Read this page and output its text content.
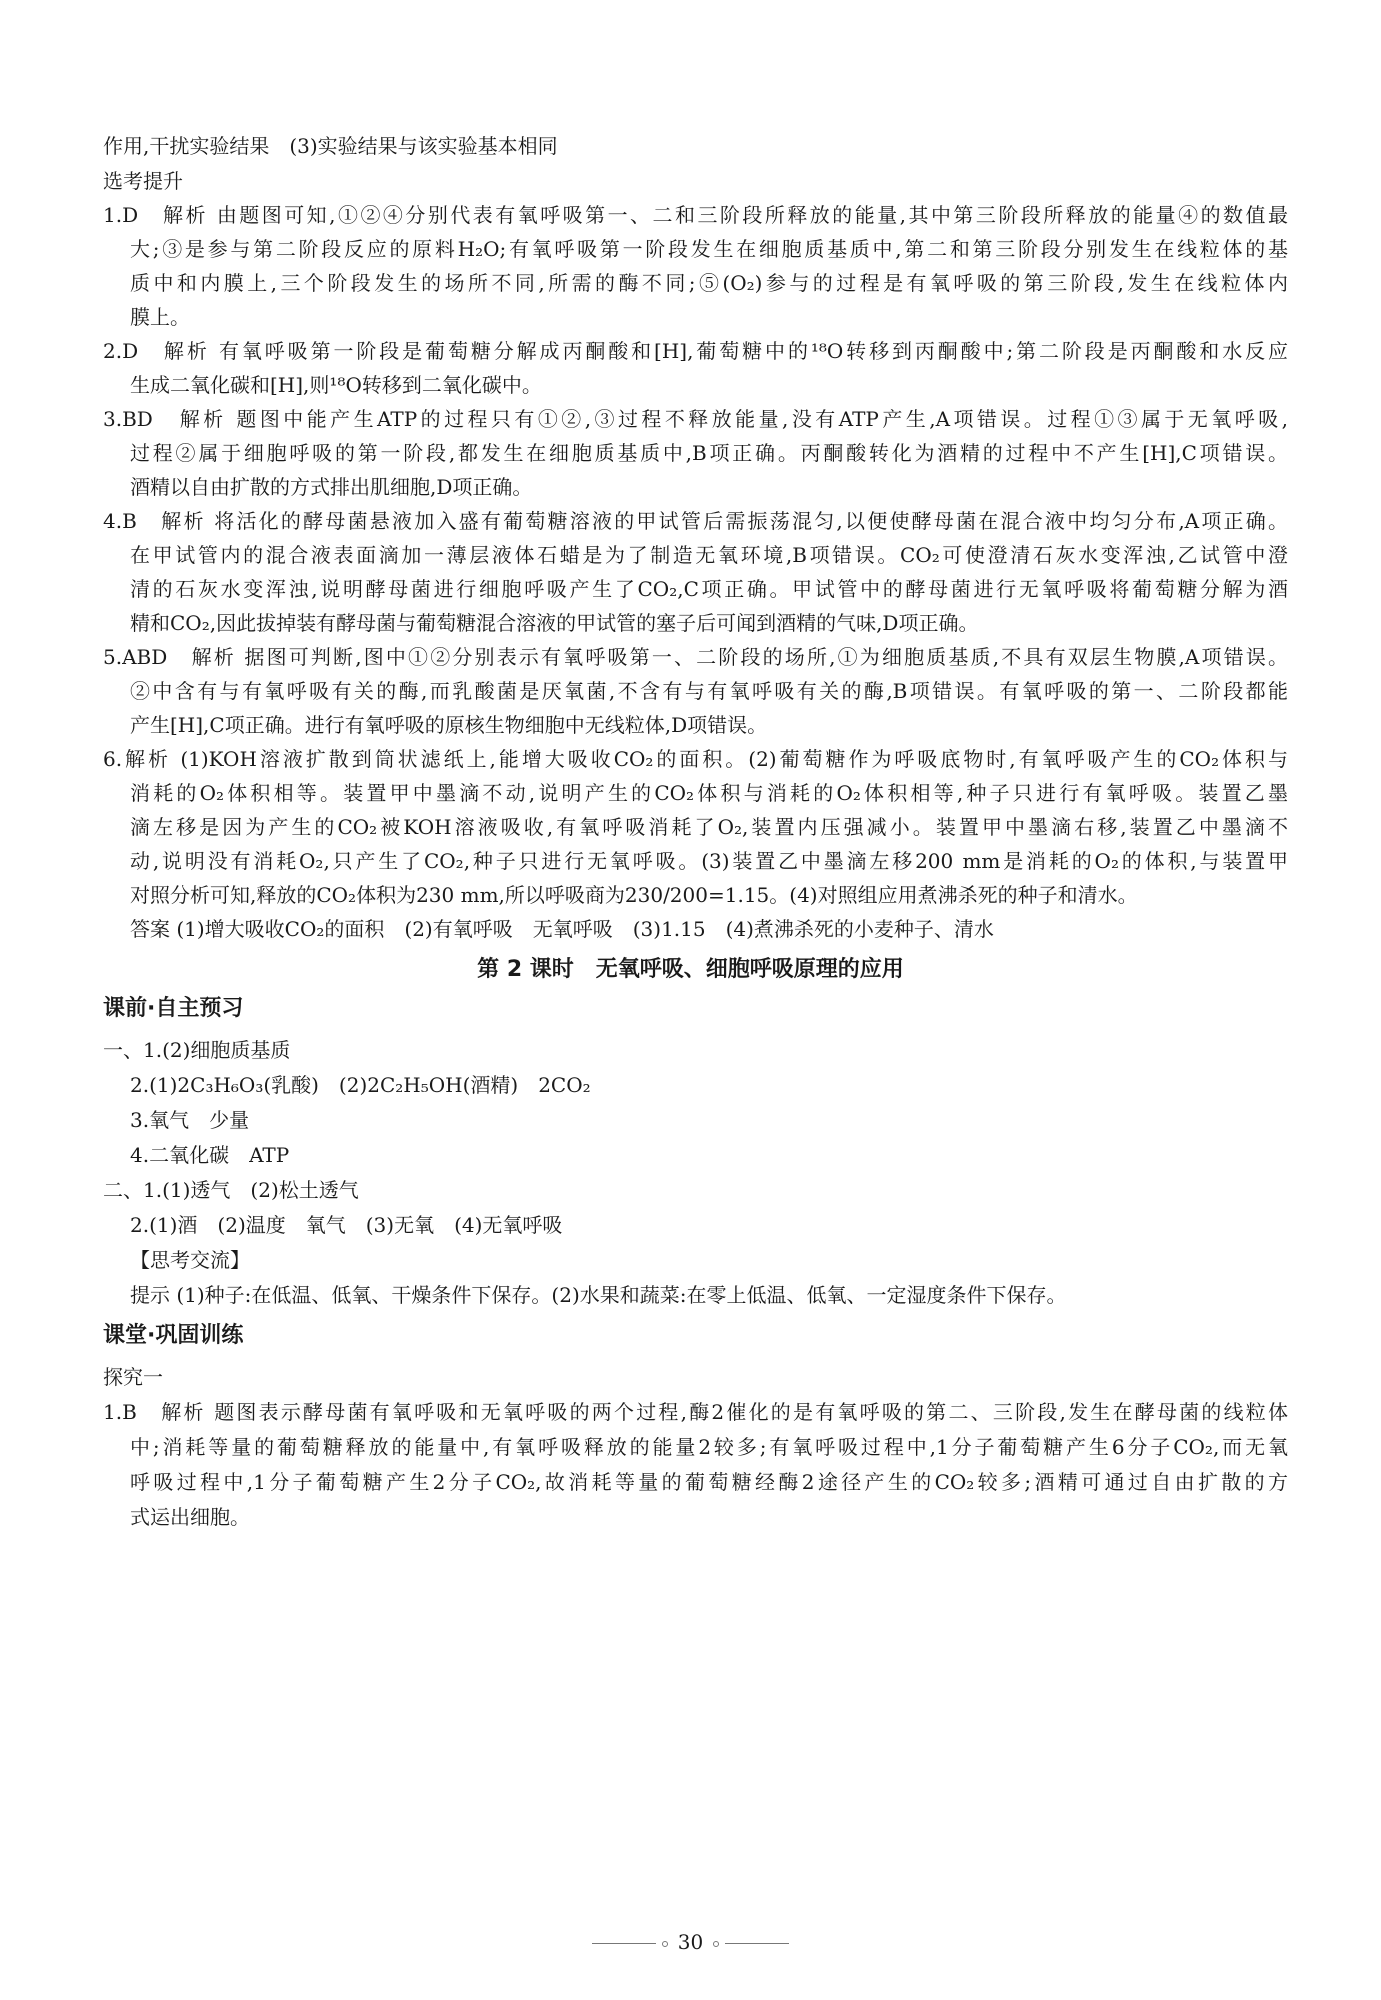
作用,干扰实验结果　(3)实验结果与该实验基本相同
选考提升
1.D　解析 由题图可知,①②④分别代表有氧呼吸第一、二和三阶段所释放的能量,其中第三阶段所释放的能量④的数值最
大;③是参与第二阶段反应的原料H₂O;有氧呼吸第一阶段发生在细胞质基质中,第二和第三阶段分别发生在线粒体的基
质中和内膜上,三个阶段发生的场所不同,所需的酶不同;⑤(O₂)参与的过程是有氧呼吸的第三阶段,发生在线粒体内
膜上。
2.D　解析 有氧呼吸第一阶段是葡萄糖分解成丙酮酸和[H],葡萄糖中的¹⁸O转移到丙酮酸中;第二阶段是丙酮酸和水反应
生成二氧化碳和[H],则¹⁸O转移到二氧化碳中。
3.BD　解析 题图中能产生ATP的过程只有①②,③过程不释放能量,没有ATP产生,A项错误。过程①③属于无氧呼吸,
过程②属于细胞呼吸的第一阶段,都发生在细胞质基质中,B项正确。丙酮酸转化为酒精的过程中不产生[H],C项错误。
酒精以自由扩散的方式排出肌细胞,D项正确。
4.B　解析 将活化的酵母菌悬液加入盛有葡萄糖溶液的甲试管后需振荡混匀,以便使酵母菌在混合液中均匀分布,A项正确。
在甲试管内的混合液表面滴加一薄层液体石蜡是为了制造无氧环境,B项错误。CO₂可使澄清石灰水变浑浊,乙试管中澄
清的石灰水变浑浊,说明酵母菌进行细胞呼吸产生了CO₂,C项正确。甲试管中的酵母菌进行无氧呼吸将葡萄糖分解为酒
精和CO₂,因此拔掉装有酵母菌与葡萄糖混合溶液的甲试管的塞子后可闻到酒精的气味,D项正确。
5.ABD　解析 据图可判断,图中①②分别表示有氧呼吸第一、二阶段的场所,①为细胞质基质,不具有双层生物膜,A项错误。
②中含有与有氧呼吸有关的酶,而乳酸菌是厌氧菌,不含有与有氧呼吸有关的酶,B项错误。有氧呼吸的第一、二阶段都能
产生[H],C项正确。进行有氧呼吸的原核生物细胞中无线粒体,D项错误。
6.解析 (1)KOH溶液扩散到筒状滤纸上,能增大吸收CO₂的面积。(2)葡萄糖作为呼吸底物时,有氧呼吸产生的CO₂体积与
消耗的O₂体积相等。装置甲中墨滴不动,说明产生的CO₂体积与消耗的O₂体积相等,种子只进行有氧呼吸。装置乙墨
滴左移是因为产生的CO₂被KOH溶液吸收,有氧呼吸消耗了O₂,装置内压强减小。装置甲中墨滴右移,装置乙中墨滴不
动,说明没有消耗O₂,只产生了CO₂,种子只进行无氧呼吸。(3)装置乙中墨滴左移200 mm是消耗的O₂的体积,与装置甲
对照分析可知,释放的CO₂体积为230 mm,所以呼吸商为230/200=1.15。(4)对照组应用煮沸杀死的种子和清水。
答案 (1)增大吸收CO₂的面积　(2)有氧呼吸　无氧呼吸　(3)1.15　(4)煮沸杀死的小麦种子、清水
第 2 课时　无氧呼吸、细胞呼吸原理的应用
课前·自主预习
一、1.(2)细胞质基质
2.(1)2C₃H₆O₃(乳酸)　(2)2C₂H₅OH(酒精)　2CO₂
3.氧气　少量
4.二氧化碳　ATP
二、1.(1)透气　(2)松土透气
2.(1)酒　(2)温度　氧气　(3)无氧　(4)无氧呼吸
【思考交流】
提示 (1)种子:在低温、低氧、干燥条件下保存。(2)水果和蔬菜:在零上低温、低氧、一定湿度条件下保存。
课堂·巩固训练
探究一
1.B　解析 题图表示酵母菌有氧呼吸和无氧呼吸的两个过程,酶2催化的是有氧呼吸的第二、三阶段,发生在酵母菌的线粒体
中;消耗等量的葡萄糖释放的能量中,有氧呼吸释放的能量2较多;有氧呼吸过程中,1分子葡萄糖产生6分子CO₂,而无氧
呼吸过程中,1分子葡萄糖产生2分子CO₂,故消耗等量的葡萄糖经酶2途径产生的CO₂较多;酒精可通过自由扩散的方
式运出细胞。
30
